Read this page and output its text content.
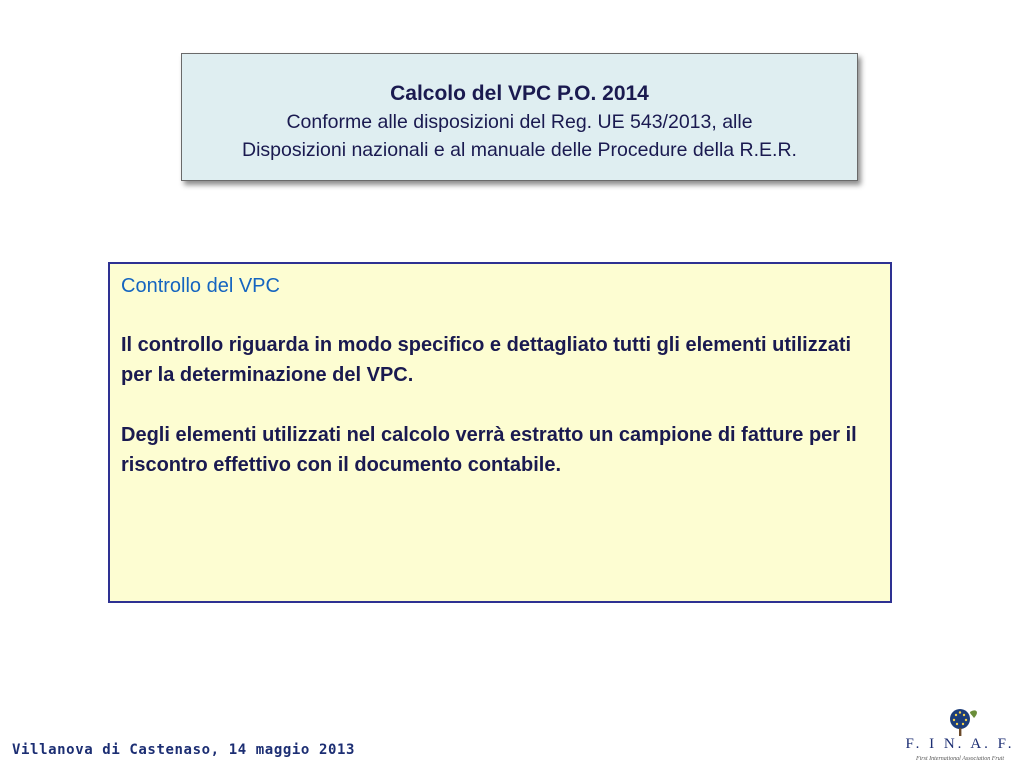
Calcolo del VPC P.O. 2014
Conforme alle disposizioni del Reg. UE 543/2013, alle
Disposizioni nazionali e al manuale delle Procedure della R.E.R.
Controllo del VPC
Il controllo riguarda in modo specifico e dettagliato tutti gli elementi utilizzati per la determinazione del VPC.
Degli elementi utilizzati nel calcolo verrà estratto un campione di fatture per il riscontro effettivo con il documento contabile.
Villanova di Castenaso, 14 maggio 2013	F. I N. A. F.
First International Association Fruit
